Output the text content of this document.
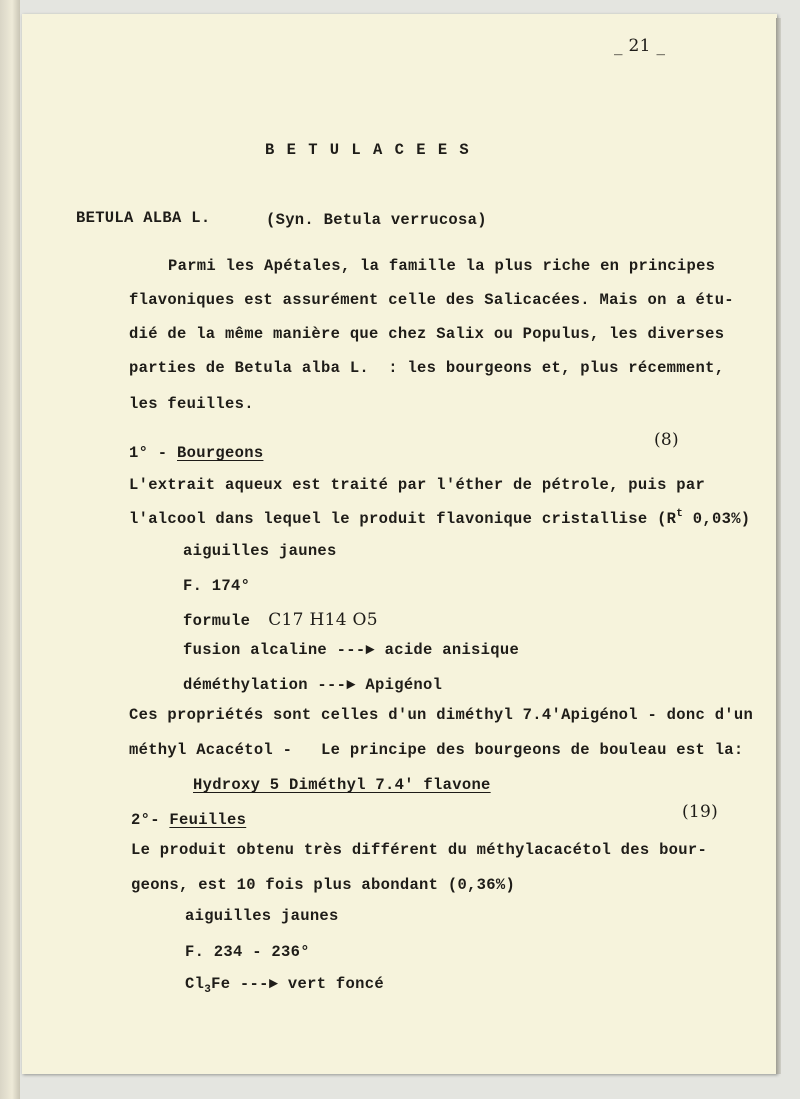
_ 21 _
B E T U L A C E E S
BETULA ALBA L.	(Syn. Betula verrucosa)
Parmi les Apétales, la famille la plus riche en principes
flavoniques est assurément celle des Salicacées. Mais on a étu-
dié de la même manière que chez Salix ou Populus, les diverses
parties de Betula alba L.  : les bourgeons et, plus récemment,
les feuilles.
1° - Bourgeons
(8)
L'extrait aqueux est traité par l'éther de pétrole, puis par
l'alcool dans lequel le produit flavonique cristallise ($R^t$ 0,03%)
aiguilles jaunes
F. 174°
formule C17 H14 O5
fusion alcaline ---► acide anisique
déméthylation ---► Apigénol
Ces propriétés sont celles d'un diméthyl 7.4'Apigénol - donc d'un
méthyl Acacétol -   Le principe des bourgeons de bouleau est la:
Hydroxy 5 Diméthyl 7.4' flavone
2°- Feuilles	(19)
Le produit obtenu très différent du méthylacacétol des bour-
geons, est 10 fois plus abondant (0,36%)
aiguilles jaunes
F. 234 - 236°
$Cl_3Fe$ ---► vert foncé
